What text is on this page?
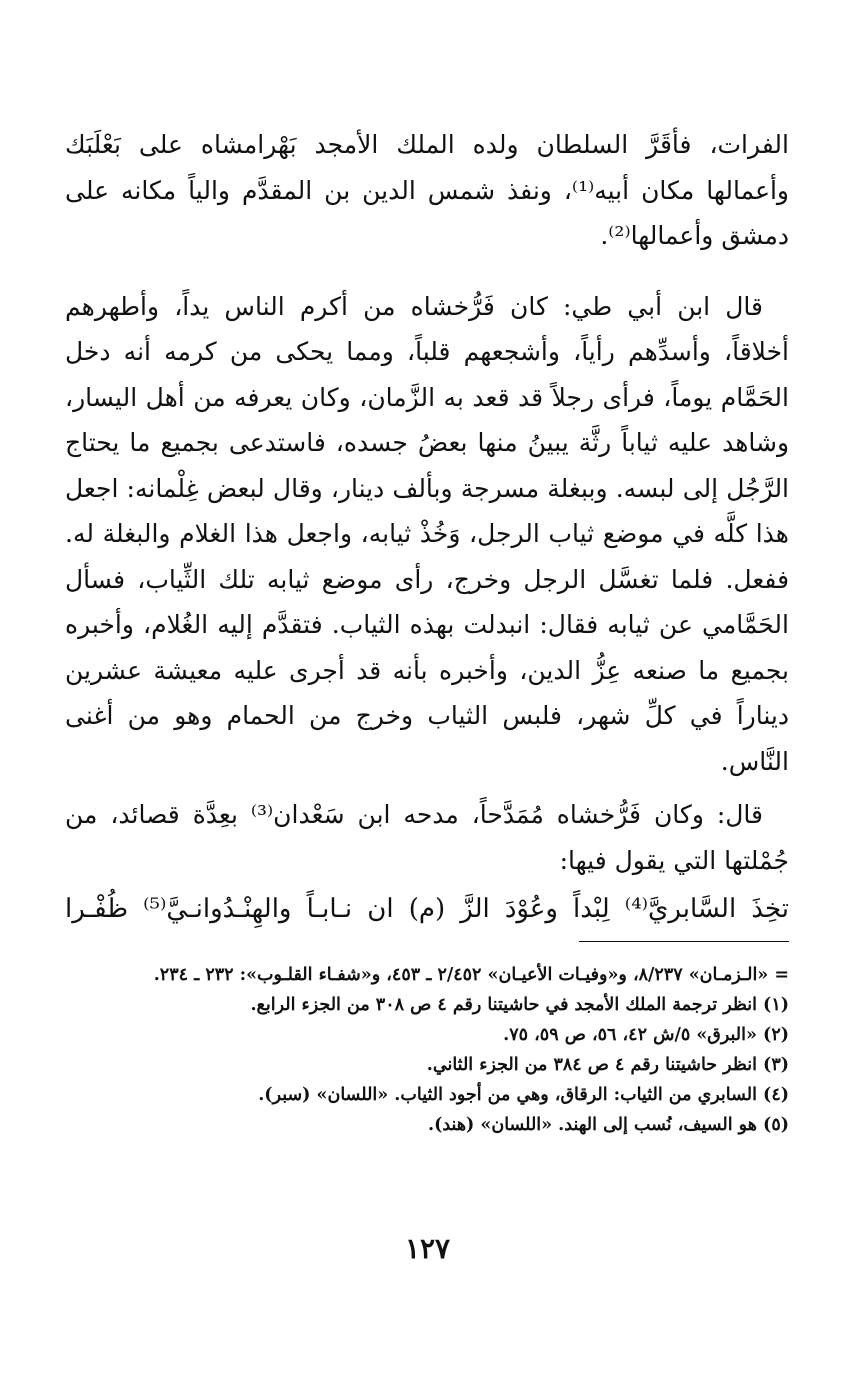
الفرات، فأقَرَّ السلطان ولده الملك الأمجد بَهْرامشاه على بَعْلَبَك وأعمالها مكان أبيه⁽¹⁾، ونفذ شمس الدين بن المقدَّم والياً مكانه على دمشق وأعمالها⁽²⁾.

قال ابن أبي طي: كان فَرُّخشاه من أكرم الناس يداً، وأطهرهم أخلاقاً، وأسدِّهم رأياً، وأشجعهم قلباً، ومما يحكى من كرمه أنه دخل الحَمَّام يوماً، فرأى رجلاً قد قعد به الزَّمان، وكان يعرفه من أهل اليسار، وشاهد عليه ثياباً رثَّة يبينُ منها بعضُ جسده، فاستدعى بجميع ما يحتاج الرَّجُل إلى لبسه. وببغلة مسرجة وبألف دينار، وقال لبعض غِلْمانه: اجعل هذا كلَّه في موضع ثياب الرجل، وَخُذْ ثيابه، واجعل هذا الغلام والبغلة له. ففعل. فلما تغسَّل الرجل وخرج، رأى موضع ثيابه تلك الثِّياب، فسأل الحَمَّامي عن ثيابه فقال: انبدلت بهذه الثياب. فتقدَّم إليه الغُلام، وأخبره بجميع ما صنعه عِزُّ الدين، وأخبره بأنه قد أجرى عليه معيشة عشرين ديناراً في كلِّ شهر، فلبس الثياب وخرج من الحمام وهو من أغنى النَّاس.

قال: وكان فَرُّخشاه مُمَدَّحاً، مدحه ابن سَعْدان⁽³⁾ بعِدَّة قصائد، من جُمْلتها التي يقول فيها:

تخِذَ السَّابريَّ⁽⁴⁾ لِبْداً وعُوْدَ الزَّ (م) ان نـابـاً والهِنْـدُوانـيَّ⁽⁵⁾ ظُفْـرا

= «الـزمـان» ٨/٢٣٧، و«وفيـات الأعيـان» ٢/٤٥٢ ـ ٤٥٣، و«شفـاء القلـوب»: ٢٣٢ ـ ٢٣٤.

(١) انظر ترجمة الملك الأمجد في حاشيتنا رقم ٤ ص ٣٠٨ من الجزء الرابع.

(٢) «البرق» ٥/ش ٤٢، ٥٦، ص ٥٩، ٧٥.

(٣) انظر حاشيتنا رقم ٤ ص ٣٨٤ من الجزء الثاني.

(٤) السابري من الثياب: الرقاق، وهي من أجود الثياب. «اللسان» (سبر).

(٥) هو السيف، نُسب إلى الهند. «اللسان» (هند).

١٢٧
